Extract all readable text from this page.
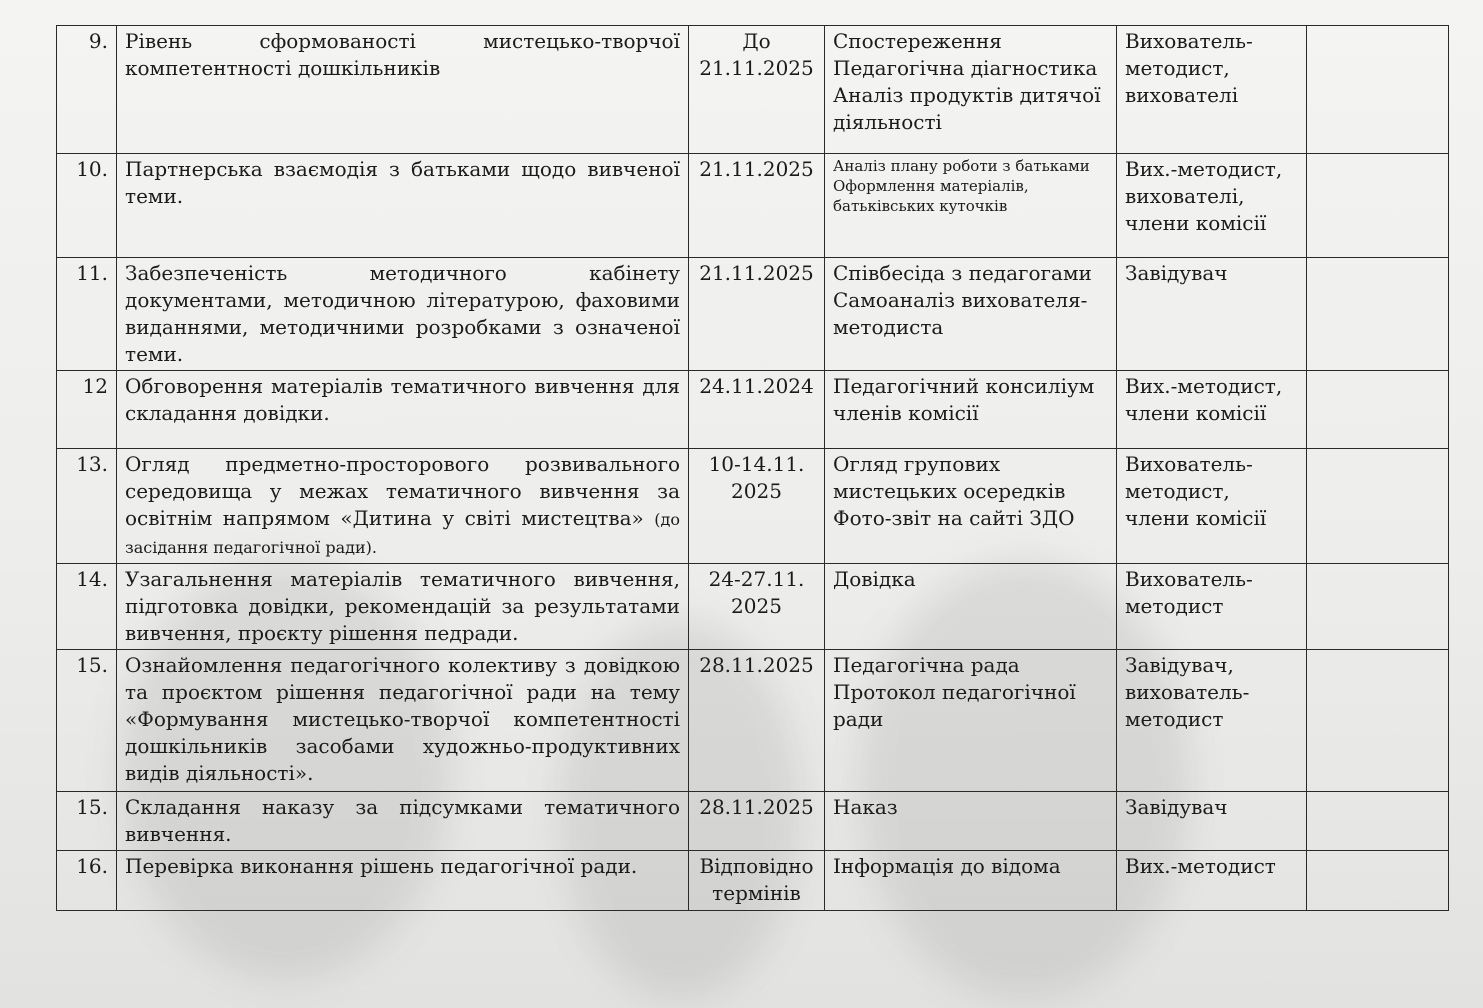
9.	Рівень сформованості мистецько-творчої компетентності дошкільників	До 21.11.2025	Спостереження
Педагогічна діагностика
Аналіз продуктів дитячої діяльності	Вихователь-методист, вихователі	
10.	Партнерська взаємодія з батьками щодо вивченої теми.	21.11.2025	Аналіз плану роботи з батьками
Оформлення матеріалів, батьківських куточків	Вих.-методист, вихователі, члени комісії	
11.	Забезпеченість методичного кабінету документами, методичною літературою, фаховими виданнями, методичними розробками з означеної теми.	21.11.2025	Співбесіда з педагогами
Самоаналіз вихователя-методиста	Завідувач	
12	Обговорення матеріалів тематичного вивчення для складання довідки.	24.11.2024	Педагогічний консиліум членів комісії	Вих.-методист, члени комісії	
13.	Огляд предметно-просторового розвивального середовища у межах тематичного вивчення за освітнім напрямом «Дитина у світі мистецтва» (до засідання педагогічної ради).	10-14.11. 2025	Огляд групових мистецьких осередків
Фото-звіт на сайті ЗДО	Вихователь-методист, члени комісії	
14.	Узагальнення матеріалів тематичного вивчення, підготовка довідки, рекомендацій за результатами вивчення, проєкту рішення педради.	24-27.11. 2025	Довідка	Вихователь-методист	
15.	Ознайомлення педагогічного колективу з довідкою та проєктом рішення педагогічної ради на тему «Формування мистецько-творчої компетентності дошкільників засобами художньо-продуктивних видів діяльності».	28.11.2025	Педагогічна рада
Протокол педагогічної ради	Завідувач, вихователь-методист	
15.	Складання наказу за підсумками тематичного вивчення.	28.11.2025	Наказ	Завідувач	
16.	Перевірка виконання рішень педагогічної ради.	Відповідно термінів	Інформація до відома	Вих.-методист	
